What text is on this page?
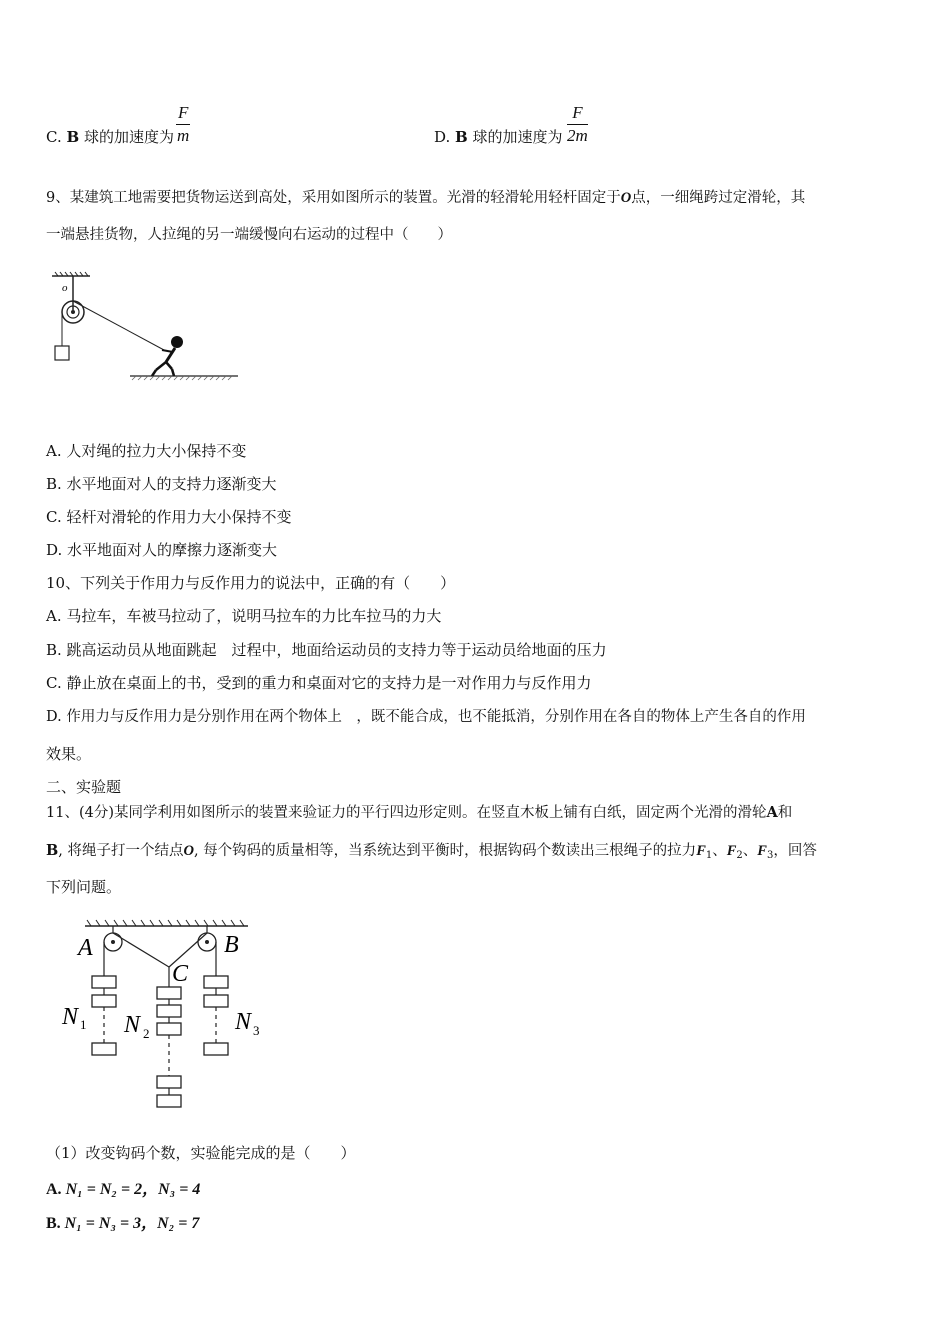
C. B 球的加速度为 $\frac{F}{m}$	D. B 球的加速度为 $\frac{F}{2m}$
9、某建筑工地需要把货物运送到高处，采用如图所示的装置。光滑的轻滑轮用轻杆固定于O点，一细绳跨过定滑轮，其
一端悬挂货物，人拉绳的另一端缓慢向右运动的过程中（　　）
o
A. 人对绳的拉力大小保持不变
B. 水平地面对人的支持力逐渐变大
C. 轻杆对滑轮的作用力大小保持不变
D. 水平地面对人的摩擦力逐渐变大
10、下列关于作用力与反作用力的说法中，正确的有（　　）
A. 马拉车，车被马拉动了，说明马拉车的力比车拉马的力大
B. 跳高运动员从地面跳起　过程中，地面给运动员的支持力等于运动员给地面的压力
C. 静止放在桌面上的书，受到的重力和桌面对它的支持力是一对作用力与反作用力
D. 作用力与反作用力是分别作用在两个物体上　，既不能合成，也不能抵消，分别作用在各自的物体上产生各自的作用
效果。
二、实验题
11、(4分)某同学利用如图所示的装置来验证力的平行四边形定则。在竖直木板上铺有白纸，固定两个光滑的滑轮A和
B, 将绳子打一个结点O, 每个钩码的质量相等，当系统达到平衡时，根据钩码个数读出三根绳子的拉力$F_1$、$F_2$、$F_3$，回答
下列问题。
A	B
C
N 1 N 2	N 3
（1）改变钩码个数，实验能完成的是（　　）
A. N₁ = N₂ = 2，N₃ = 4
B. N₁ = N₃ = 3，N₂ = 7
